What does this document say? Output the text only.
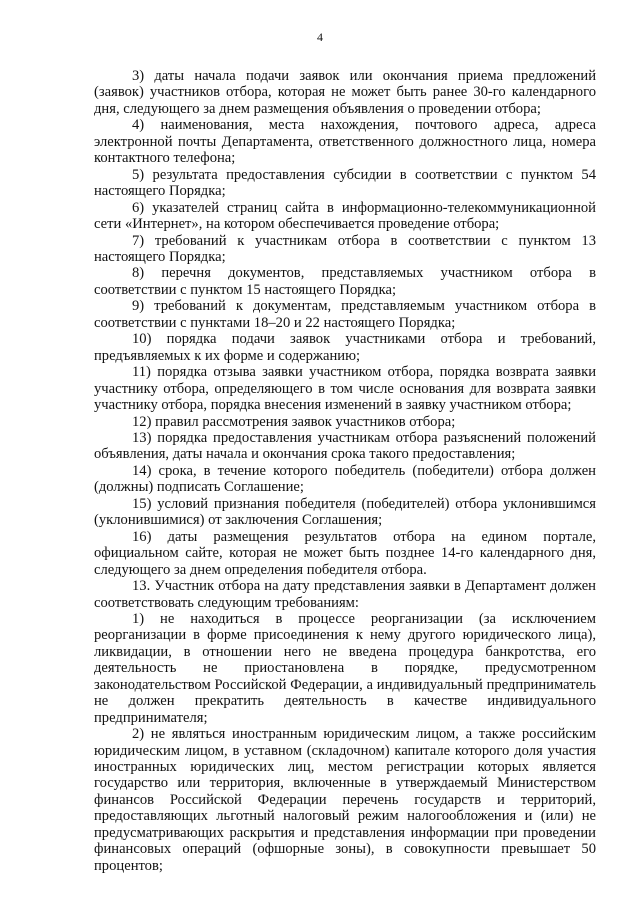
4

3) даты начала подачи заявок или окончания приема предложений (заявок) участников отбора, которая не может быть ранее 30-го календарного дня, следующего за днем размещения объявления о проведении отбора;

4) наименования, места нахождения, почтового адреса, адреса электронной почты Департамента, ответственного должностного лица, номера контактного телефона;

5) результата предоставления субсидии в соответствии с пунктом 54 настоящего Порядка;

6) указателей страниц сайта в информационно-телекоммуникационной сети «Интернет», на котором обеспечивается проведение отбора;

7) требований к участникам отбора в соответствии с пунктом 13 настоящего Порядка;

8) перечня документов, представляемых участником отбора в соответствии с пунктом 15 настоящего Порядка;

9) требований к документам, представляемым участником отбора в соответствии с пунктами 18–20 и 22 настоящего Порядка;

10) порядка подачи заявок участниками отбора и требований, предъявляемых к их форме и содержанию;

11) порядка отзыва заявки участником отбора, порядка возврата заявки участнику отбора, определяющего в том числе основания для возврата заявки участнику отбора, порядка внесения изменений в заявку участником отбора;

12) правил рассмотрения заявок участников отбора;

13) порядка предоставления участникам отбора разъяснений положений объявления, даты начала и окончания срока такого предоставления;

14) срока, в течение которого победитель (победители) отбора должен (должны) подписать Соглашение;

15) условий признания победителя (победителей) отбора уклонившимся (уклонившимися) от заключения Соглашения;

16) даты размещения результатов отбора на едином портале, официальном сайте, которая не может быть позднее 14-го календарного дня, следующего за днем определения победителя отбора.

13. Участник отбора на дату представления заявки в Департамент должен соответствовать следующим требованиям:

1) не находиться в процессе реорганизации (за исключением реорганизации в форме присоединения к нему другого юридического лица), ликвидации, в отношении него не введена процедура банкротства, его деятельность не приостановлена в порядке, предусмотренном законодательством Российской Федерации, а индивидуальный предприниматель не должен прекратить деятельность в качестве индивидуального предпринимателя;

2) не являться иностранным юридическим лицом, а также российским юридическим лицом, в уставном (складочном) капитале которого доля участия иностранных юридических лиц, местом регистрации которых является государство или территория, включенные в утверждаемый Министерством финансов Российской Федерации перечень государств и территорий, предоставляющих льготный налоговый режим налогообложения и (или) не предусматривающих раскрытия и представления информации при проведении финансовых операций (офшорные зоны), в совокупности превышает 50 процентов;
